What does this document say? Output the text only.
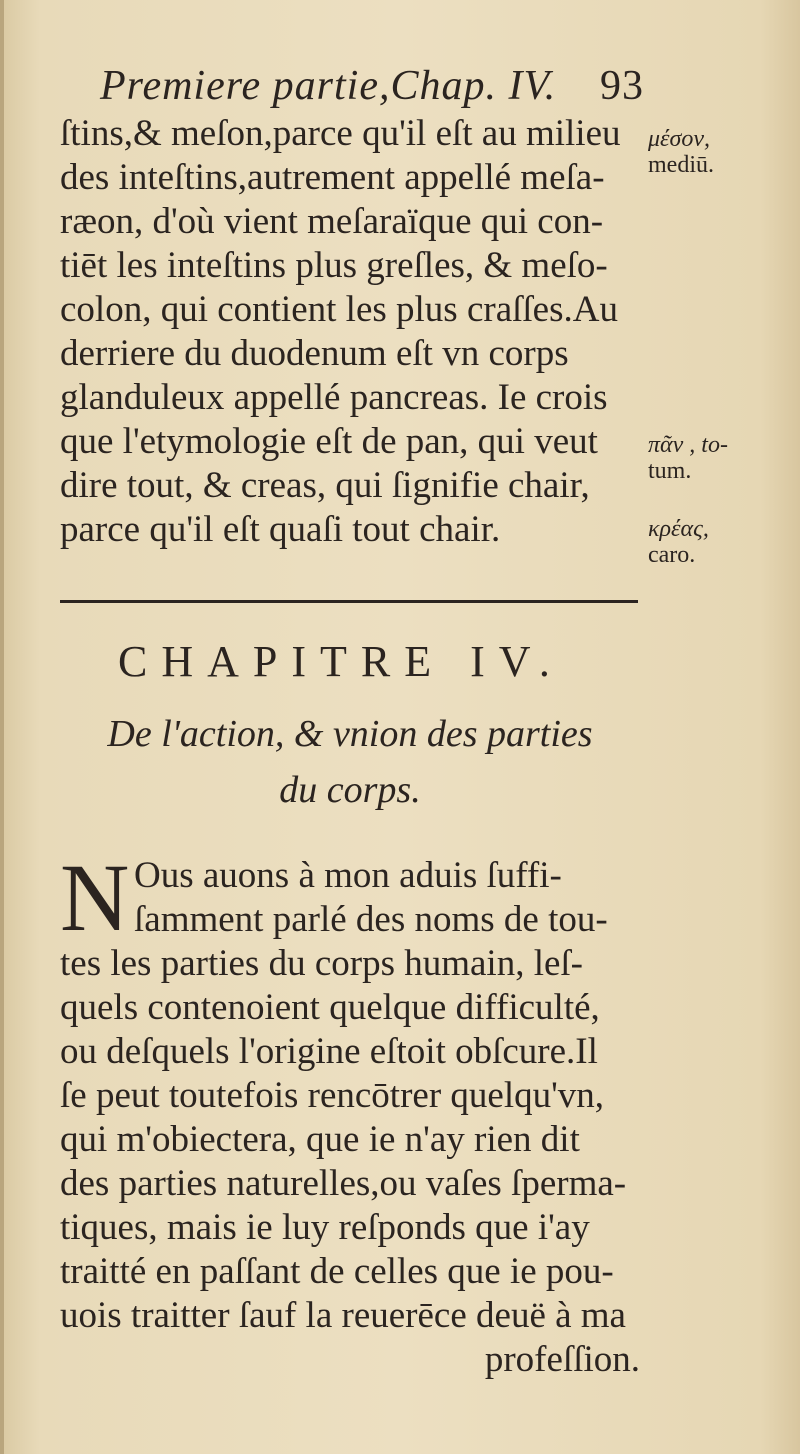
Premiere partie,Chap. IV. 93
ſtins,& meſon,parce qu'il eſt au milieu
des inteſtins,autrement appellé meſa-
ræon, d'où vient meſaraïque qui con-
tiēt les inteſtins plus greſles, & meſo-
colon, qui contient les plus craſſes.Au
derriere du duodenum eſt vn corps
glanduleux appellé pancreas. Ie crois
que l'etymologie eſt de pan, qui veut
dire tout, & creas, qui ſignifie chair,
parce qu'il eſt quaſi tout chair.
μέσον,
mediū.
πᾶν , to-
tum.
κρέας,
caro.
CHAPITRE IV.
De l'action, & vnion des parties
du corps.
N Ous auons à mon aduis ſuffi-
ſamment parlé des noms de tou-
tes les parties du corps humain, leſ-
quels contenoient quelque difficulté,
ou deſquels l'origine eſtoit obſcure.Il
ſe peut toutefois rencōtrer quelqu'vn,
qui m'obiectera, que ie n'ay rien dit
des parties naturelles,ou vaſes ſperma-
tiques, mais ie luy reſponds que i'ay
traitté en paſſant de celles que ie pou-
uois traitter ſauf la reuerēce deuë à ma
profeſſion.
